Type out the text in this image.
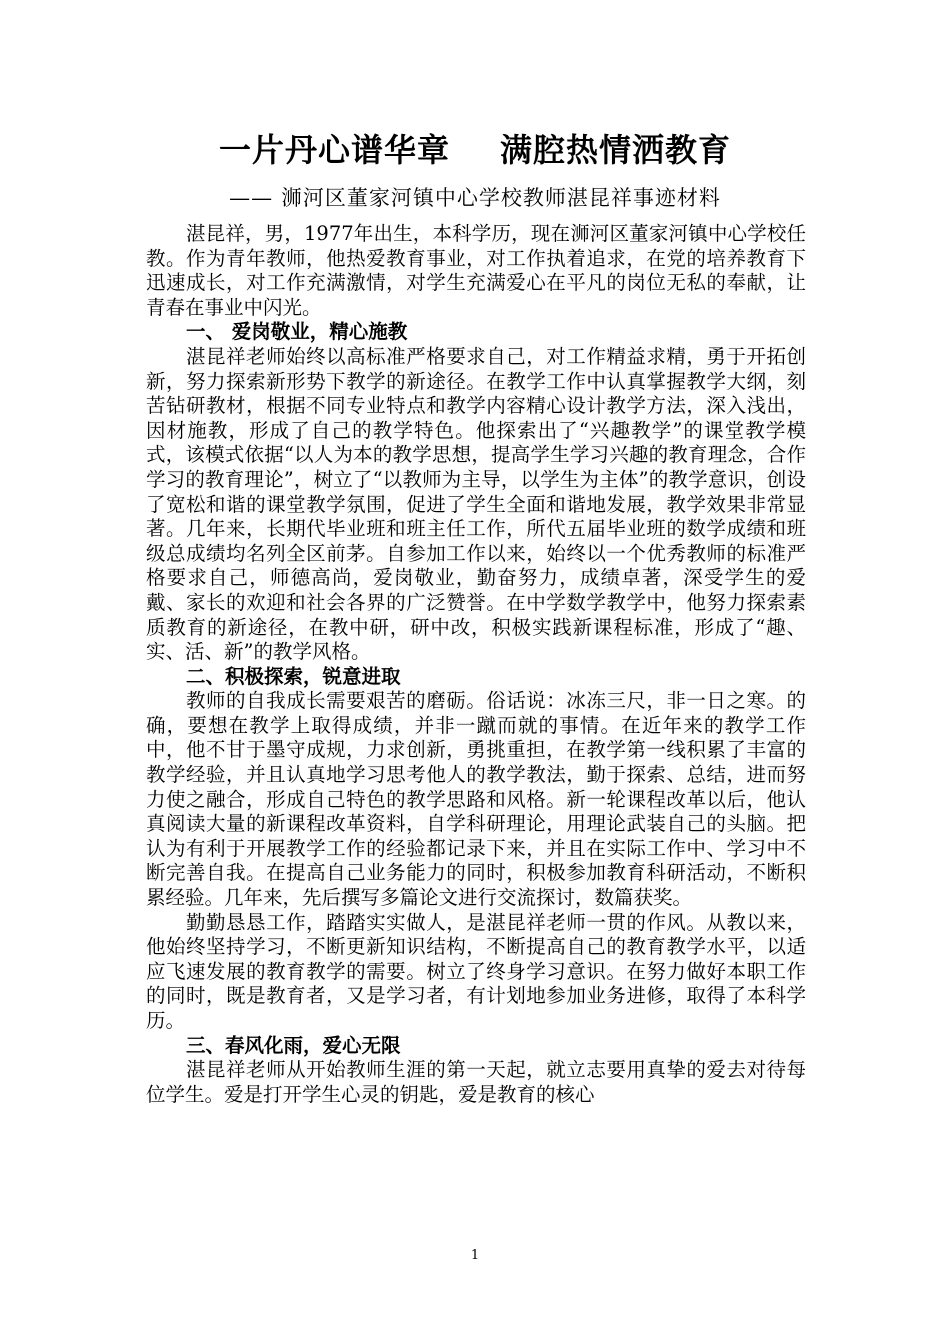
一片丹心谱华章 满腔热情洒教育
—— 浉河区董家河镇中心学校教师湛昆祥事迹材料

湛昆祥，男，1977年出生，本科学历，现在浉河区董家河镇中心学校任教。作为青年教师，他热爱教育事业，对工作执着追求，在党的培养教育下迅速成长，对工作充满激情，对学生充满爱心在平凡的岗位无私的奉献，让青春在事业中闪光。

一、 爱岗敬业，精心施教

湛昆祥老师始终以高标准严格要求自己，对工作精益求精，勇于开拓创新，努力探索新形势下教学的新途径。在教学工作中认真掌握教学大纲，刻苦钻研教材，根据不同专业特点和教学内容精心设计教学方法，深入浅出，因材施教，形成了自己的教学特色。他探索出了“兴趣教学”的课堂教学模式，该模式依据“以人为本的教学思想，提高学生学习兴趣的教育理念，合作学习的教育理论”，树立了“以教师为主导，以学生为主体”的教学意识，创设了宽松和谐的课堂教学氛围，促进了学生全面和谐地发展，教学效果非常显著。几年来，长期代毕业班和班主任工作，所代五届毕业班的数学成绩和班级总成绩均名列全区前茅。自参加工作以来，始终以一个优秀教师的标准严格要求自己，师德高尚，爱岗敬业，勤奋努力，成绩卓著，深受学生的爱戴、家长的欢迎和社会各界的广泛赞誉。在中学数学教学中，他努力探索素质教育的新途径，在教中研，研中改，积极实践新课程标准，形成了“趣、实、活、新”的教学风格。

二、积极探索，锐意进取

教师的自我成长需要艰苦的磨砺。俗话说：冰冻三尺，非一日之寒。的确，要想在教学上取得成绩，并非一蹴而就的事情。在近年来的教学工作中，他不甘于墨守成规，力求创新，勇挑重担，在教学第一线积累了丰富的教学经验，并且认真地学习思考他人的教学教法，勤于探索、总结，进而努力使之融合，形成自己特色的教学思路和风格。新一轮课程改革以后，他认真阅读大量的新课程改革资料，自学科研理论，用理论武装自己的头脑。把认为有利于开展教学工作的经验都记录下来，并且在实际工作中、学习中不断完善自我。在提高自己业务能力的同时，积极参加教育科研活动，不断积累经验。几年来，先后撰写多篇论文进行交流探讨，数篇获奖。

勤勤恳恳工作，踏踏实实做人，是湛昆祥老师一贯的作风。从教以来，他始终坚持学习，不断更新知识结构，不断提高自己的教育教学水平，以适应飞速发展的教育教学的需要。树立了终身学习意识。在努力做好本职工作的同时，既是教育者，又是学习者，有计划地参加业务进修，取得了本科学历。

三、春风化雨，爱心无限

湛昆祥老师从开始教师生涯的第一天起，就立志要用真挚的爱去对待每位学生。爱是打开学生心灵的钥匙，爱是教育的核心

1
